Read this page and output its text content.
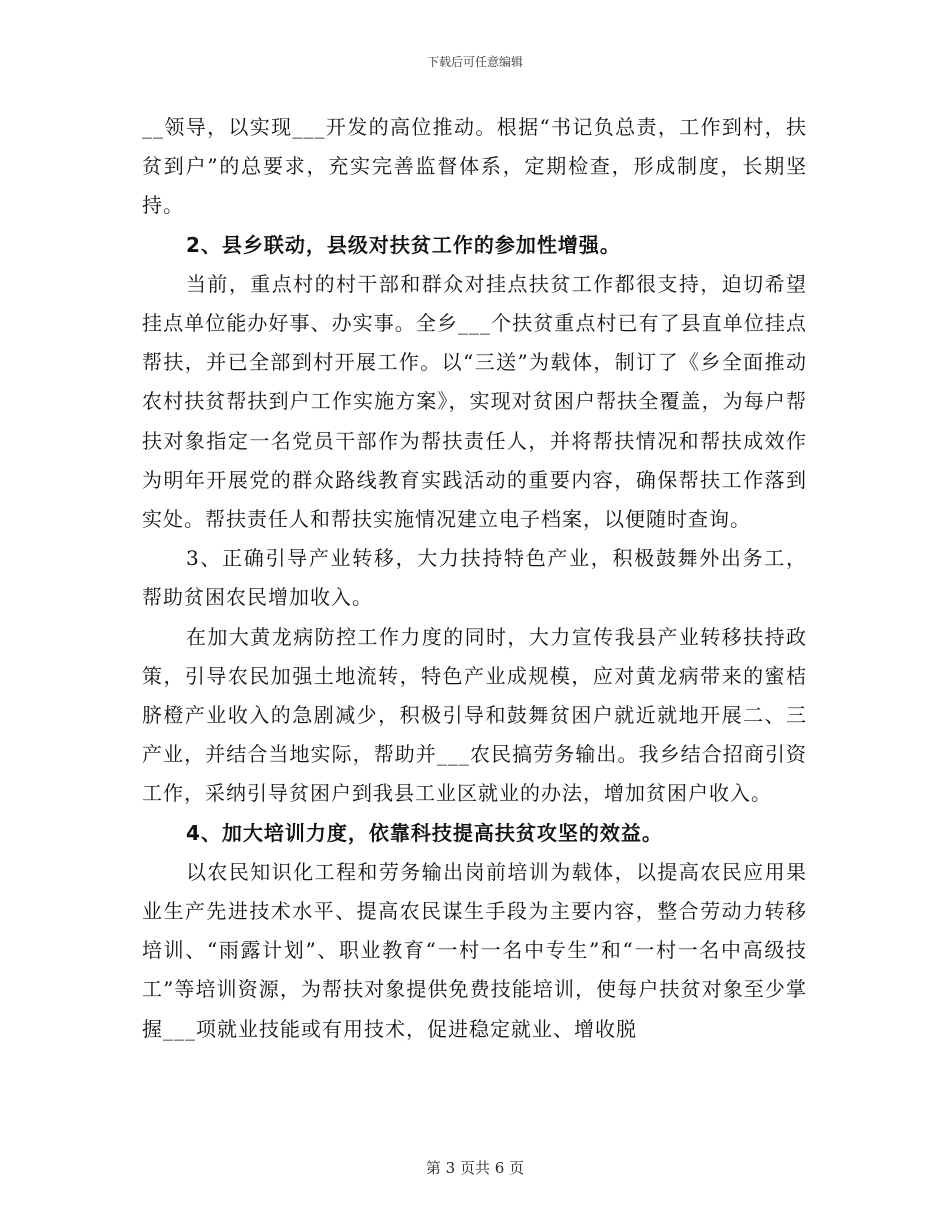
下载后可任意编辑

__领导，以实现___开发的高位推动。根据“书记负总责，工作到村，扶贫到户”的总要求，充实完善监督体系，定期检查，形成制度，长期坚持。

2、县乡联动，县级对扶贫工作的参加性增强。

当前，重点村的村干部和群众对挂点扶贫工作都很支持，迫切希望挂点单位能办好事、办实事。全乡___个扶贫重点村已有了县直单位挂点帮扶，并已全部到村开展工作。以“三送”为载体，制订了《乡全面推动农村扶贫帮扶到户工作实施方案》，实现对贫困户帮扶全覆盖，为每户帮扶对象指定一名党员干部作为帮扶责任人，并将帮扶情况和帮扶成效作为明年开展党的群众路线教育实践活动的重要内容，确保帮扶工作落到实处。帮扶责任人和帮扶实施情况建立电子档案，以便随时查询。

3、正确引导产业转移，大力扶持特色产业，积极鼓舞外出务工，帮助贫困农民增加收入。

在加大黄龙病防控工作力度的同时，大力宣传我县产业转移扶持政策，引导农民加强土地流转，特色产业成规模，应对黄龙病带来的蜜桔脐橙产业收入的急剧减少，积极引导和鼓舞贫困户就近就地开展二、三产业，并结合当地实际，帮助并___农民搞劳务输出。我乡结合招商引资工作，采纳引导贫困户到我县工业区就业的办法，增加贫困户收入。

4、加大培训力度，依靠科技提高扶贫攻坚的效益。

以农民知识化工程和劳务输出岗前培训为载体，以提高农民应用果业生产先进技术水平、提高农民谋生手段为主要内容，整合劳动力转移培训、“雨露计划”、职业教育“一村一名中专生”和“一村一名中高级技工”等培训资源，为帮扶对象提供免费技能培训，使每户扶贫对象至少掌握___项就业技能或有用技术，促进稳定就业、增收脱

第 3 页共 6 页
